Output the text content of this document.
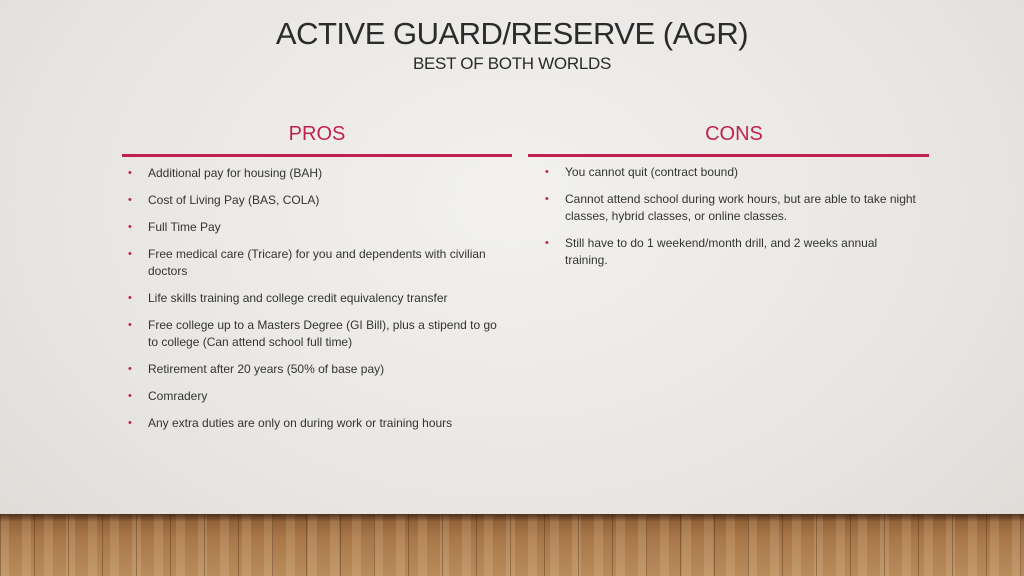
ACTIVE GUARD/RESERVE (AGR)
BEST OF BOTH WORLDS
PROS	CONS
• Additional pay for housing (BAH)
• Cost of Living Pay (BAS, COLA)
• Full Time Pay
• Free medical care (Tricare) for you and dependents with civilian doctors
• Life skills training and college credit equivalency transfer
• Free college up to a Masters Degree (GI Bill), plus a stipend to go to college (Can attend school full time)
• Retirement after 20 years (50% of base pay)
• Comradery
• Any extra duties are only on during work or training hours
• You cannot quit (contract bound)
• Cannot attend school during work hours, but are able to take night classes, hybrid classes, or online classes.
• Still have to do 1 weekend/month drill, and 2 weeks annual training.
